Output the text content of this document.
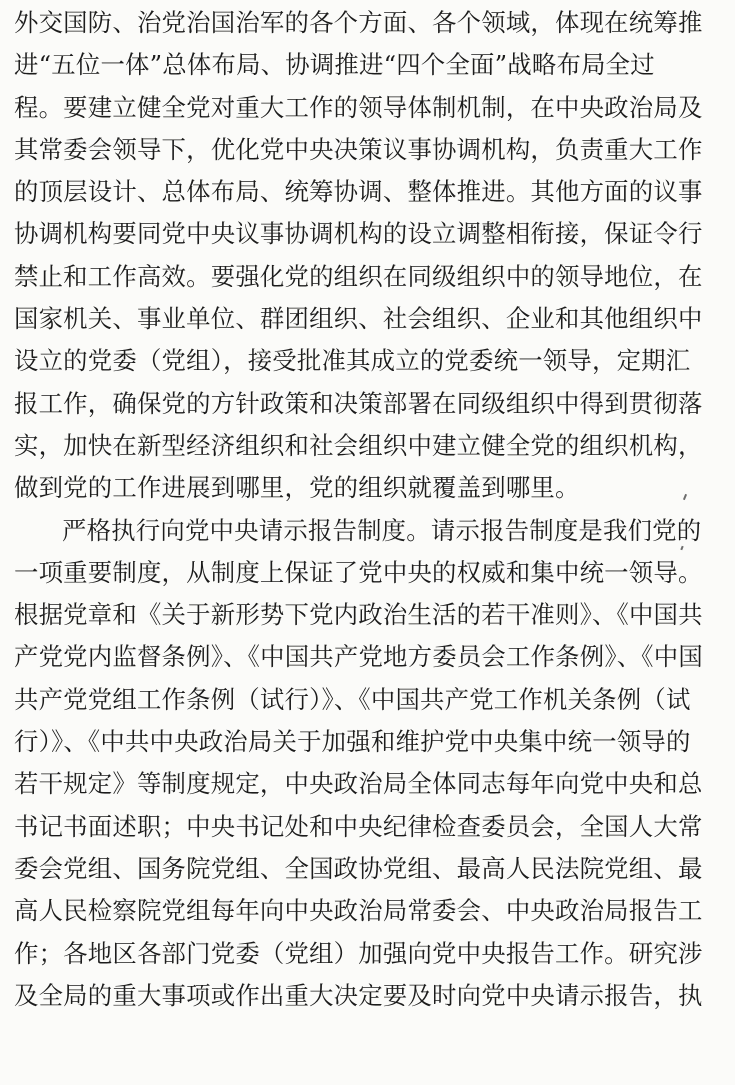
外交国防、治党治国治军的各个方面、各个领域，体现在统筹推
进“五位一体”总体布局、协调推进“四个全面”战略布局全过
程。要建立健全党对重大工作的领导体制机制，在中央政治局及
其常委会领导下，优化党中央决策议事协调机构，负责重大工作
的顶层设计、总体布局、统筹协调、整体推进。其他方面的议事
协调机构要同党中央议事协调机构的设立调整相衔接，保证令行
禁止和工作高效。要强化党的组织在同级组织中的领导地位，在
国家机关、事业单位、群团组织、社会组织、企业和其他组织中
设立的党委（党组），接受批准其成立的党委统一领导，定期汇
报工作，确保党的方针政策和决策部署在同级组织中得到贯彻落
实，加快在新型经济组织和社会组织中建立健全党的组织机构，
做到党的工作进展到哪里，党的组织就覆盖到哪里。
严格执行向党中央请示报告制度。请示报告制度是我们党的
一项重要制度，从制度上保证了党中央的权威和集中统一领导。
根据党章和《关于新形势下党内政治生活的若干准则》、《中国共
产党党内监督条例》、《中国共产党地方委员会工作条例》、《中国
共产党党组工作条例（试行）》、《中国共产党工作机关条例（试
行）》、《中共中央政治局关于加强和维护党中央集中统一领导的
若干规定》等制度规定，中央政治局全体同志每年向党中央和总
书记书面述职；中央书记处和中央纪律检查委员会，全国人大常
委会党组、国务院党组、全国政协党组、最高人民法院党组、最
高人民检察院党组每年向中央政治局常委会、中央政治局报告工
作；各地区各部门党委（党组）加强向党中央报告工作。研究涉
及全局的重大事项或作出重大决定要及时向党中央请示报告，执
